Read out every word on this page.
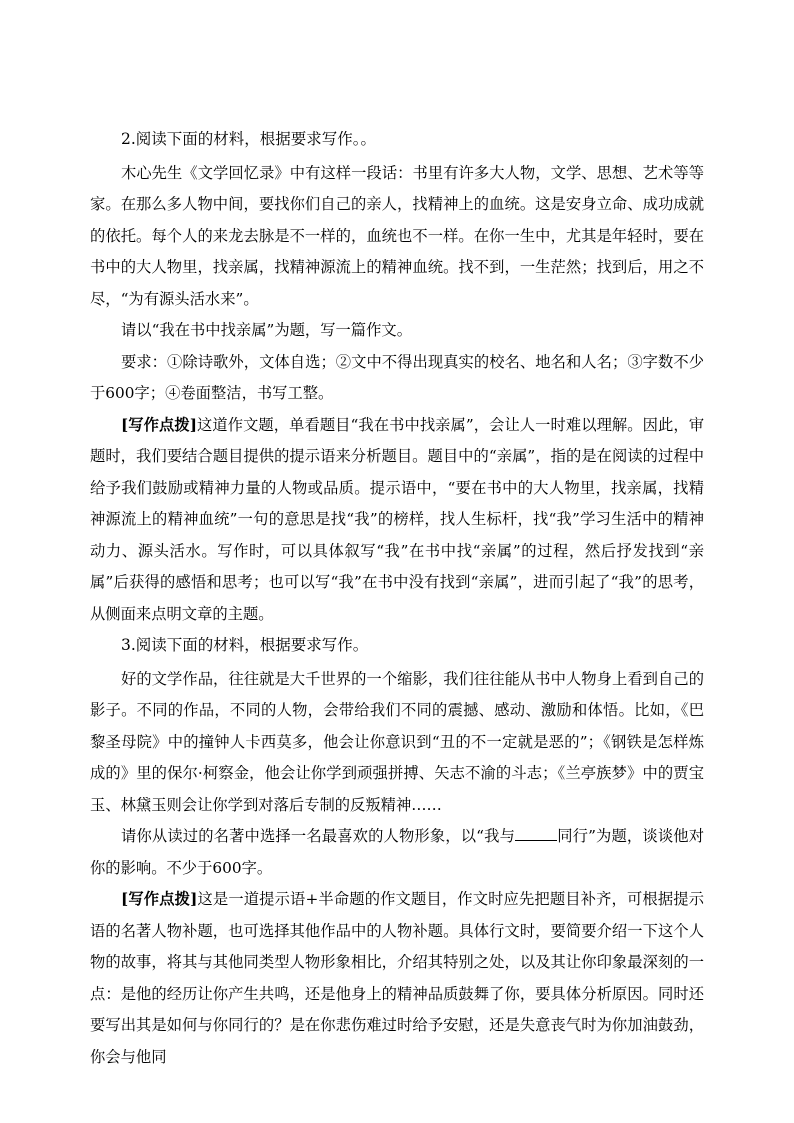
2.阅读下面的材料，根据要求写作。。

木心先生《文学回忆录》中有这样一段话：书里有许多大人物，文学、思想、艺术等等家。在那么多人物中间，要找你们自己的亲人，找精神上的血统。这是安身立命、成功成就的依托。每个人的来龙去脉是不一样的，血统也不一样。在你一生中，尤其是年轻时，要在书中的大人物里，找亲属，找精神源流上的精神血统。找不到，一生茫然；找到后，用之不尽，“为有源头活水来”。

请以“我在书中找亲属”为题，写一篇作文。

要求：①除诗歌外，文体自选；②文中不得出现真实的校名、地名和人名；③字数不少于600字；④卷面整洁，书写工整。

[写作点拨]这道作文题，单看题目“我在书中找亲属”，会让人一时难以理解。因此，审题时，我们要结合题目提供的提示语来分析题目。题目中的“亲属”，指的是在阅读的过程中给予我们鼓励或精神力量的人物或品质。提示语中，“要在书中的大人物里，找亲属，找精神源流上的精神血统”一句的意思是找“我”的榜样，找人生标杆，找“我”学习生活中的精神动力、源头活水。写作时，可以具体叙写“我”在书中找“亲属”的过程，然后抒发找到“亲属”后获得的感悟和思考；也可以写“我”在书中没有找到“亲属”，进而引起了“我”的思考，从侧面来点明文章的主题。

3.阅读下面的材料，根据要求写作。

好的文学作品，往往就是大千世界的一个缩影，我们往往能从书中人物身上看到自己的影子。不同的作品，不同的人物，会带给我们不同的震撼、感动、激励和体悟。比如，《巴黎圣母院》中的撞钟人卡西莫多，他会让你意识到“丑的不一定就是恶的”；《钢铁是怎样炼成的》里的保尔·柯察金，他会让你学到顽强拼搏、矢志不渝的斗志；《兰亭族梦》中的贾宝玉、林黛玉则会让你学到对落后专制的反叛精神……

请你从读过的名著中选择一名最喜欢的人物形象，以“我与	同行”为题，谈谈他对你的影响。不少于600字。

[写作点拨]这是一道提示语+半命题的作文题目，作文时应先把题目补齐，可根据提示语的名著人物补题，也可选择其他作品中的人物补题。具体行文时，要简要介绍一下这个人物的故事，将其与其他同类型人物形象相比，介绍其特别之处，以及其让你印象最深刻的一点：是他的经历让你产生共鸣，还是他身上的精神品质鼓舞了你，要具体分析原因。同时还要写出其是如何与你同行的？是在你悲伤难过时给予安慰，还是失意丧气时为你加油鼓劲，你会与他同
